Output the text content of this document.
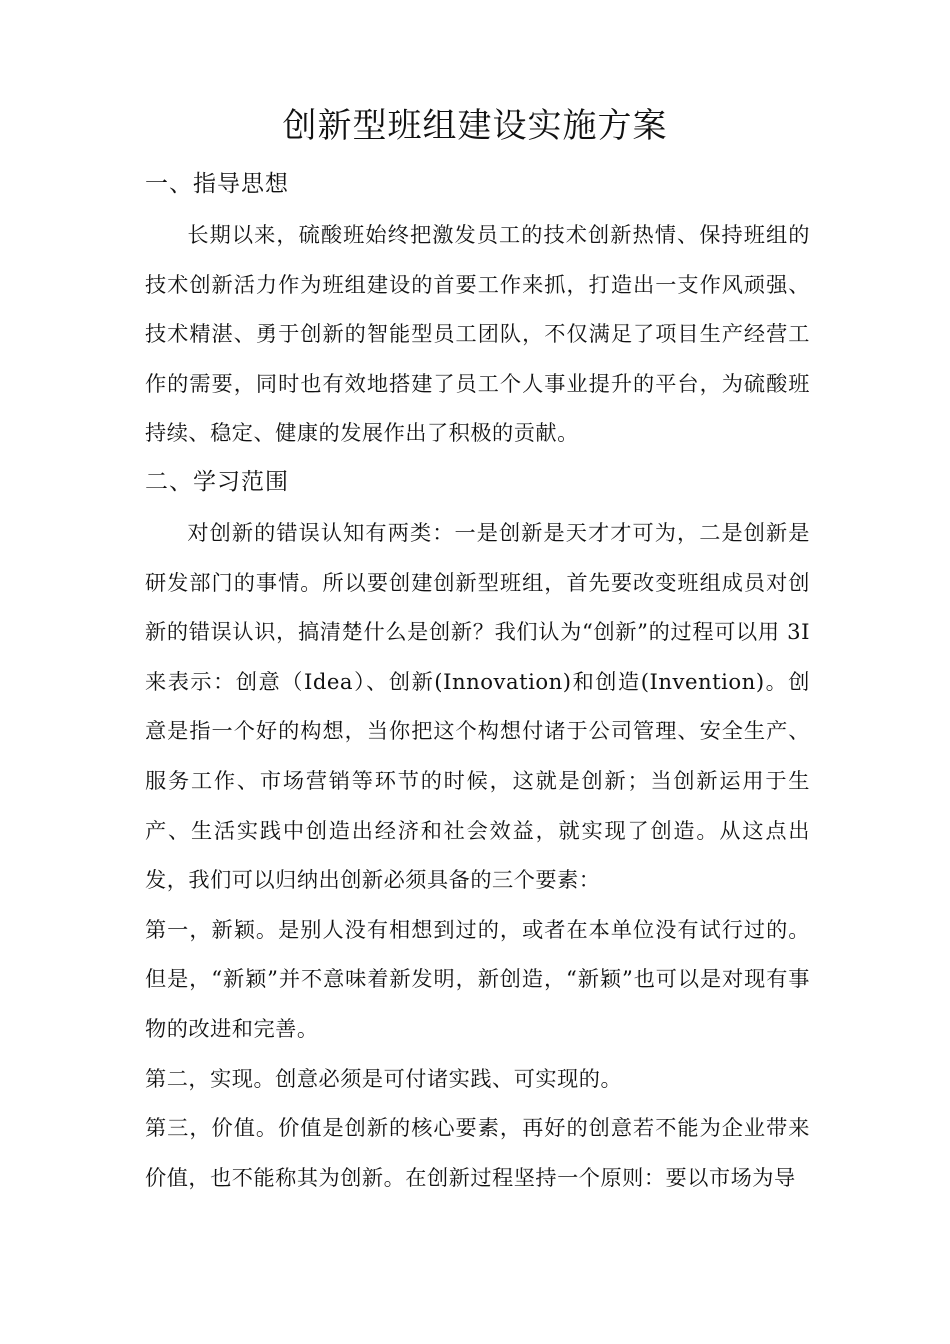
创新型班组建设实施方案
一、指导思想

长期以来，硫酸班始终把激发员工的技术创新热情、保持班组的技术创新活力作为班组建设的首要工作来抓，打造出一支作风顽强、技术精湛、勇于创新的智能型员工团队，不仅满足了项目生产经营工作的需要，同时也有效地搭建了员工个人事业提升的平台，为硫酸班持续、稳定、健康的发展作出了积极的贡献。

二、学习范围

对创新的错误认知有两类：一是创新是天才才可为，二是创新是研发部门的事情。所以要创建创新型班组，首先要改变班组成员对创新的错误认识，搞清楚什么是创新？我们认为“创新”的过程可以用 3I 来表示：创意（Idea）、创新(Innovation)和创造(Invention)。创意是指一个好的构想，当你把这个构想付诸于公司管理、安全生产、服务工作、市场营销等环节的时候，这就是创新；当创新运用于生产、生活实践中创造出经济和社会效益，就实现了创造。从这点出发，我们可以归纳出创新必须具备的三个要素：

第一，新颖。是别人没有相想到过的，或者在本单位没有试行过的。但是，“新颖”并不意味着新发明，新创造，“新颖”也可以是对现有事物的改进和完善。

第二，实现。创意必须是可付诸实践、可实现的。

第三，价值。价值是创新的核心要素，再好的创意若不能为企业带来价值，也不能称其为创新。在创新过程坚持一个原则：要以市场为导
